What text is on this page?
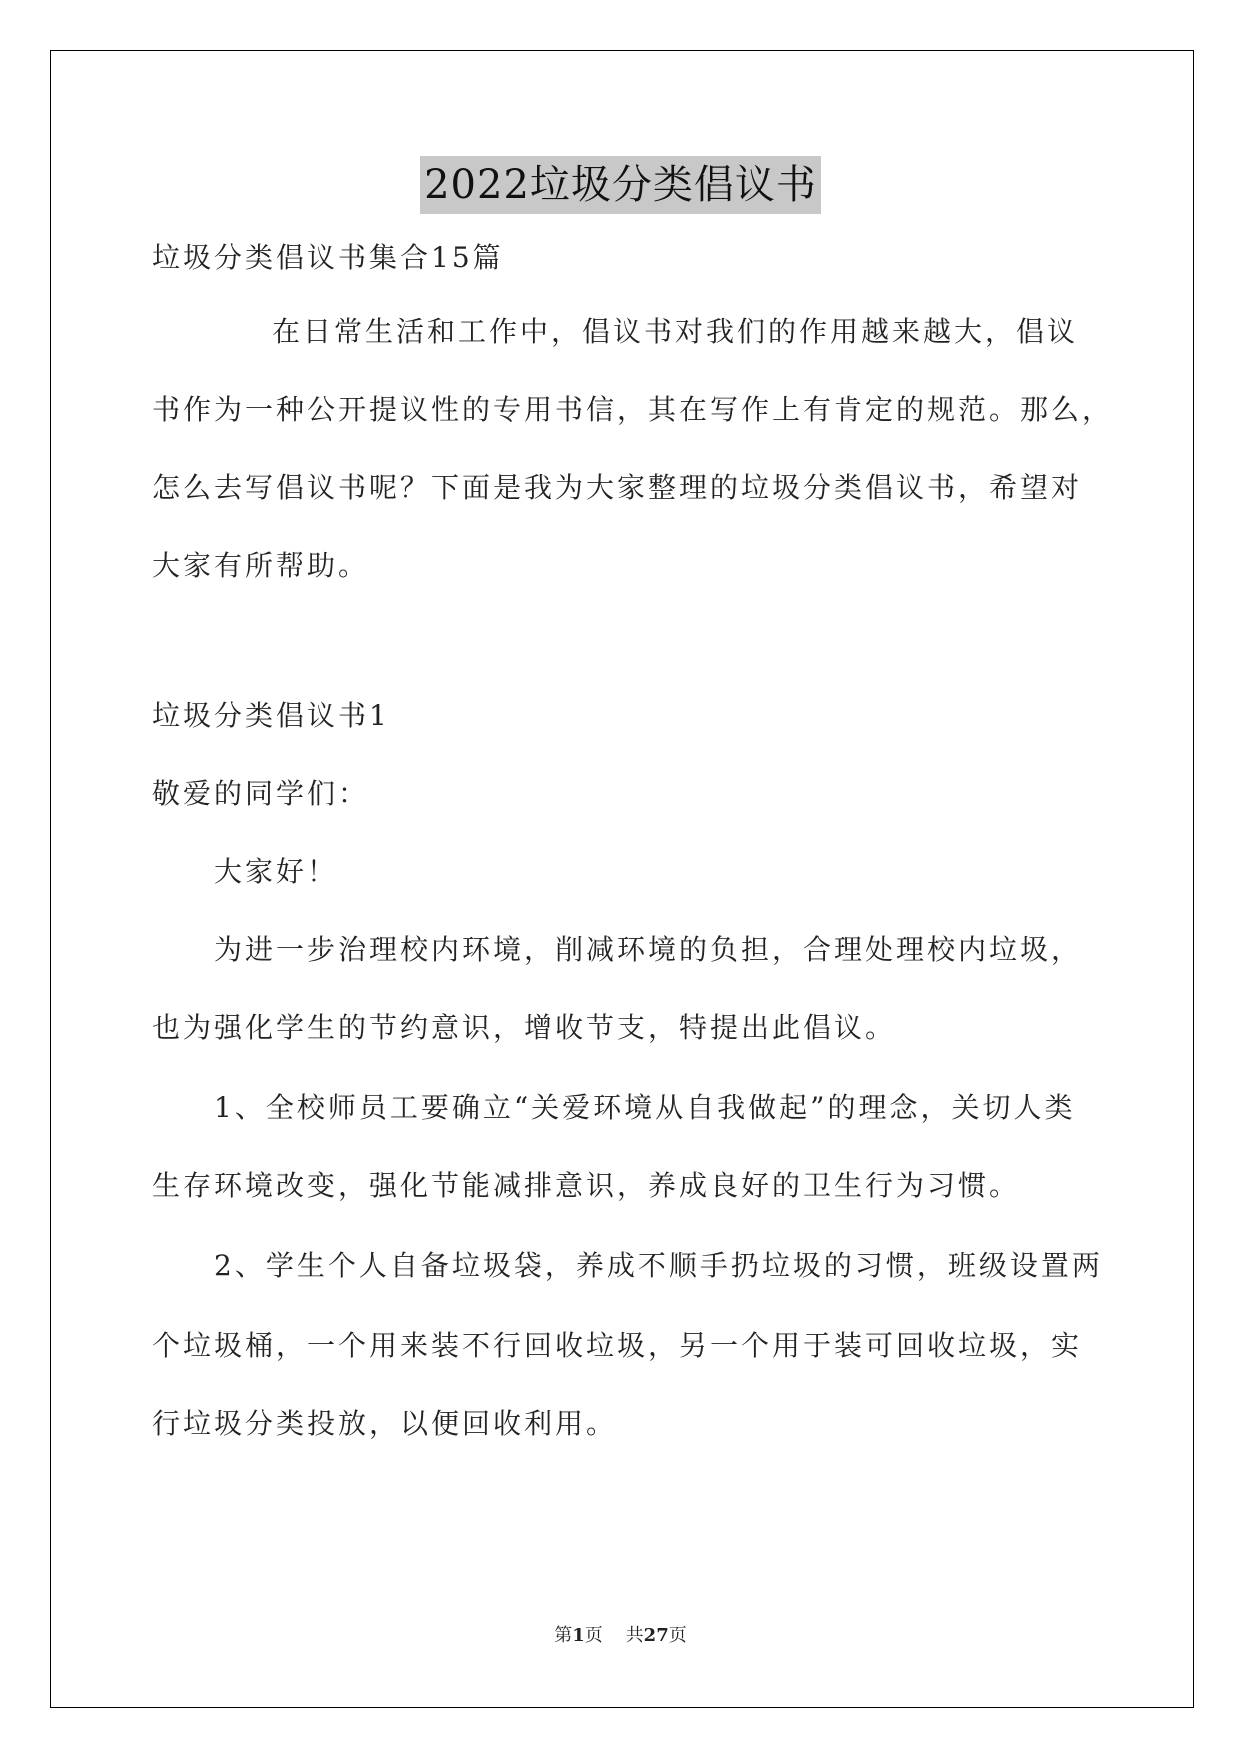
2022垃圾分类倡议书
垃圾分类倡议书集合15篇
在日常生活和工作中，倡议书对我们的作用越来越大，倡议
书作为一种公开提议性的专用书信，其在写作上有肯定的规范。那么，
怎么去写倡议书呢？下面是我为大家整理的垃圾分类倡议书，希望对
大家有所帮助。
垃圾分类倡议书1
敬爱的同学们：
大家好！
为进一步治理校内环境，削减环境的负担，合理处理校内垃圾，
也为强化学生的节约意识，增收节支，特提出此倡议。
1、全校师员工要确立“关爱环境从自我做起”的理念，关切人类
生存环境改变，强化节能减排意识，养成良好的卫生行为习惯。
2、学生个人自备垃圾袋，养成不顺手扔垃圾的习惯，班级设置两
个垃圾桶，一个用来装不行回收垃圾，另一个用于装可回收垃圾，实
行垃圾分类投放，以便回收利用。
第1页 共27页
